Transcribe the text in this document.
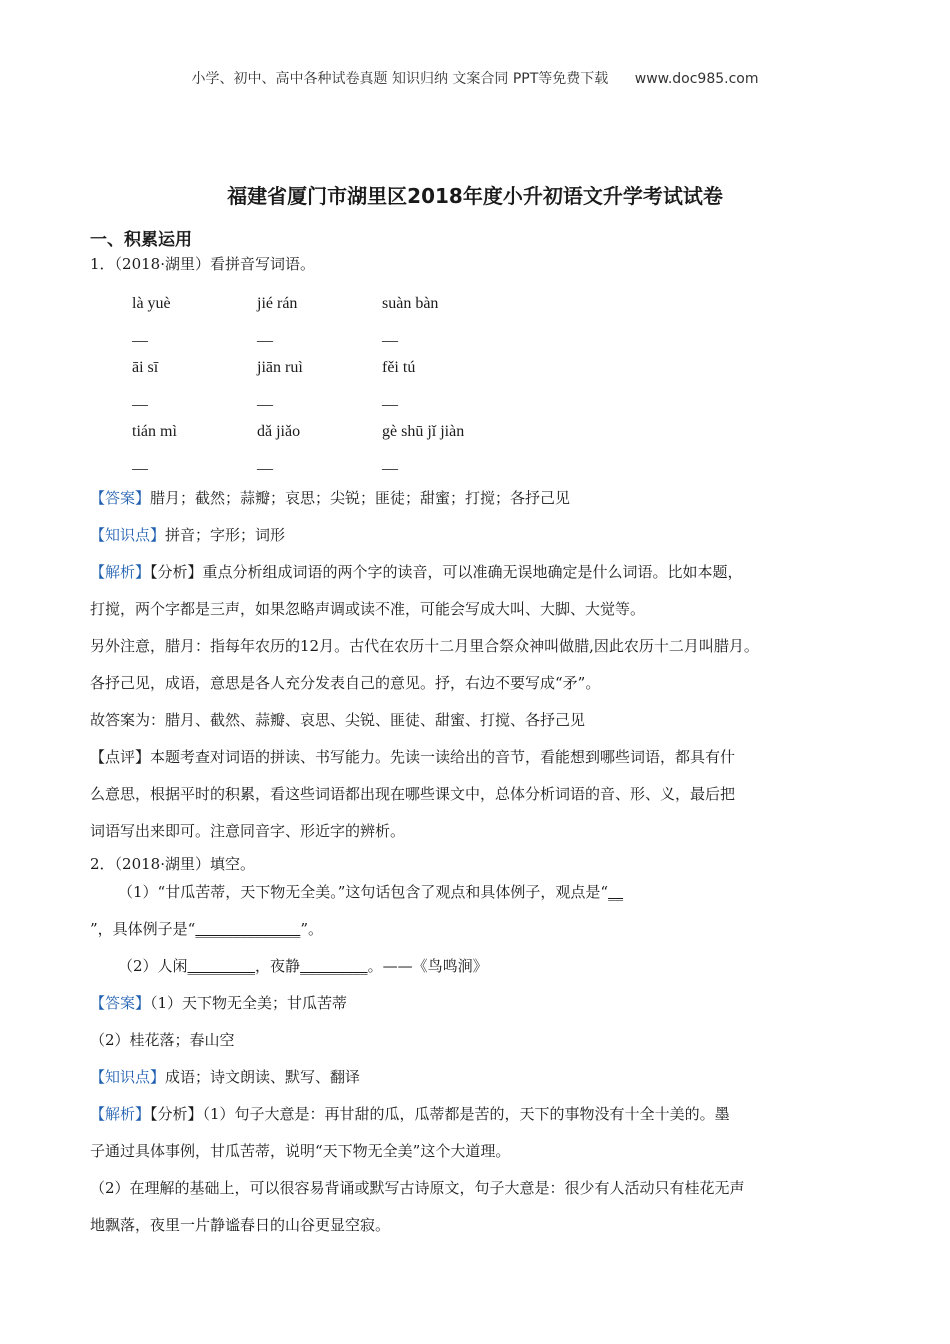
小学、初中、高中各种试卷真题 知识归纳 文案合同 PPT等免费下载 www.doc985.com
福建省厦门市湖里区2018年度小升初语文升学考试试卷
一、积累运用

1．（2018·湖里）看拼音写词语。

là yuè	jié rán	suàn bàn
__	__	__
āi sī	jiān ruì	fěi tú
__	__	__
tián mì	dǎ jiǎo	gè shū jǐ jiàn
__	__	__

【答案】腊月；截然；蒜瓣；哀思；尖锐；匪徒；甜蜜；打搅；各抒己见

【知识点】拼音；字形；词形

【解析】【分析】重点分析组成词语的两个字的读音，可以准确无误地确定是什么词语。比如本题，

打搅，两个字都是三声，如果忽略声调或读不准，可能会写成大叫、大脚、大觉等。

另外注意，腊月：指每年农历的12月。古代在农历十二月里合祭众神叫做腊,因此农历十二月叫腊月。

各抒己见，成语，意思是各人充分发表自己的意见。抒，右边不要写成“矛”。

故答案为：腊月、截然、蒜瓣、哀思、尖锐、匪徒、甜蜜、打搅、各抒己见

【点评】本题考查对词语的拼读、书写能力。先读一读给出的音节，看能想到哪些词语，都具有什

么意思，根据平时的积累，看这些词语都出现在哪些课文中，总体分析词语的音、形、义，最后把

词语写出来即可。注意同音字、形近字的辨析。

2．（2018·湖里）填空。

（1）“甘瓜苦蒂，天下物无全美。”这句话包含了观点和具体例子，观点是“__

”，具体例子是“______________”。

（2）人闲_________，夜静_________。——《鸟鸣涧》

【答案】（1）天下物无全美；甘瓜苦蒂

（2）桂花落；春山空

【知识点】成语；诗文朗读、默写、翻译

【解析】【分析】（1）句子大意是：再甘甜的瓜，瓜蒂都是苦的，天下的事物没有十全十美的。墨

子通过具体事例，甘瓜苦蒂，说明“天下物无全美”这个大道理。

（2）在理解的基础上，可以很容易背诵或默写古诗原文，句子大意是：很少有人活动只有桂花无声

地飘落，夜里一片静谧春日的山谷更显空寂。
